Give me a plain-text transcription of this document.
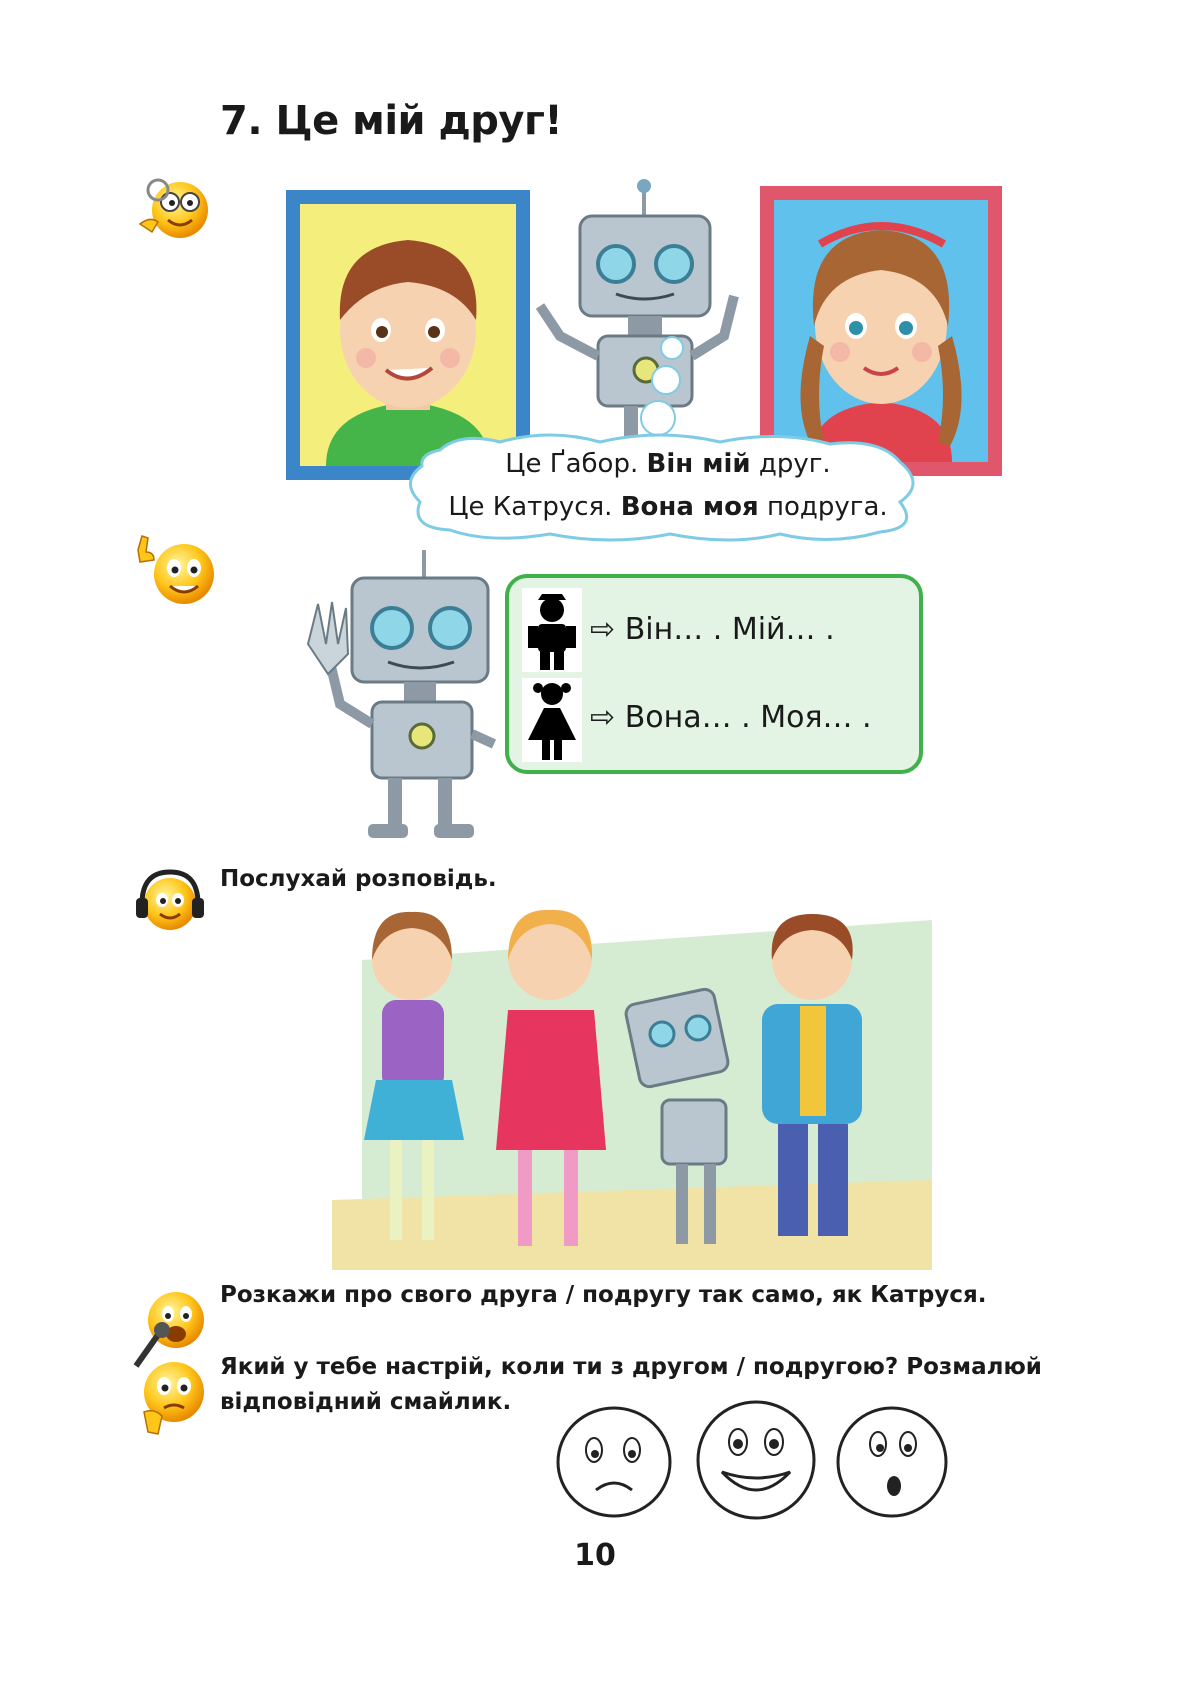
7. Це мій друг!
Це Ґабор. Він мій друг.
Це Катруся. Вона моя подруга.
⇨ Він… . Мій… .
⇨ Вона… . Моя… .
Послухай розповідь.
Розкажи про свого друга / подругу так само, як Катруся.
Який у тебе настрій, коли ти з другом / подругою? Розмалюй
відповідний смайлик.
10
